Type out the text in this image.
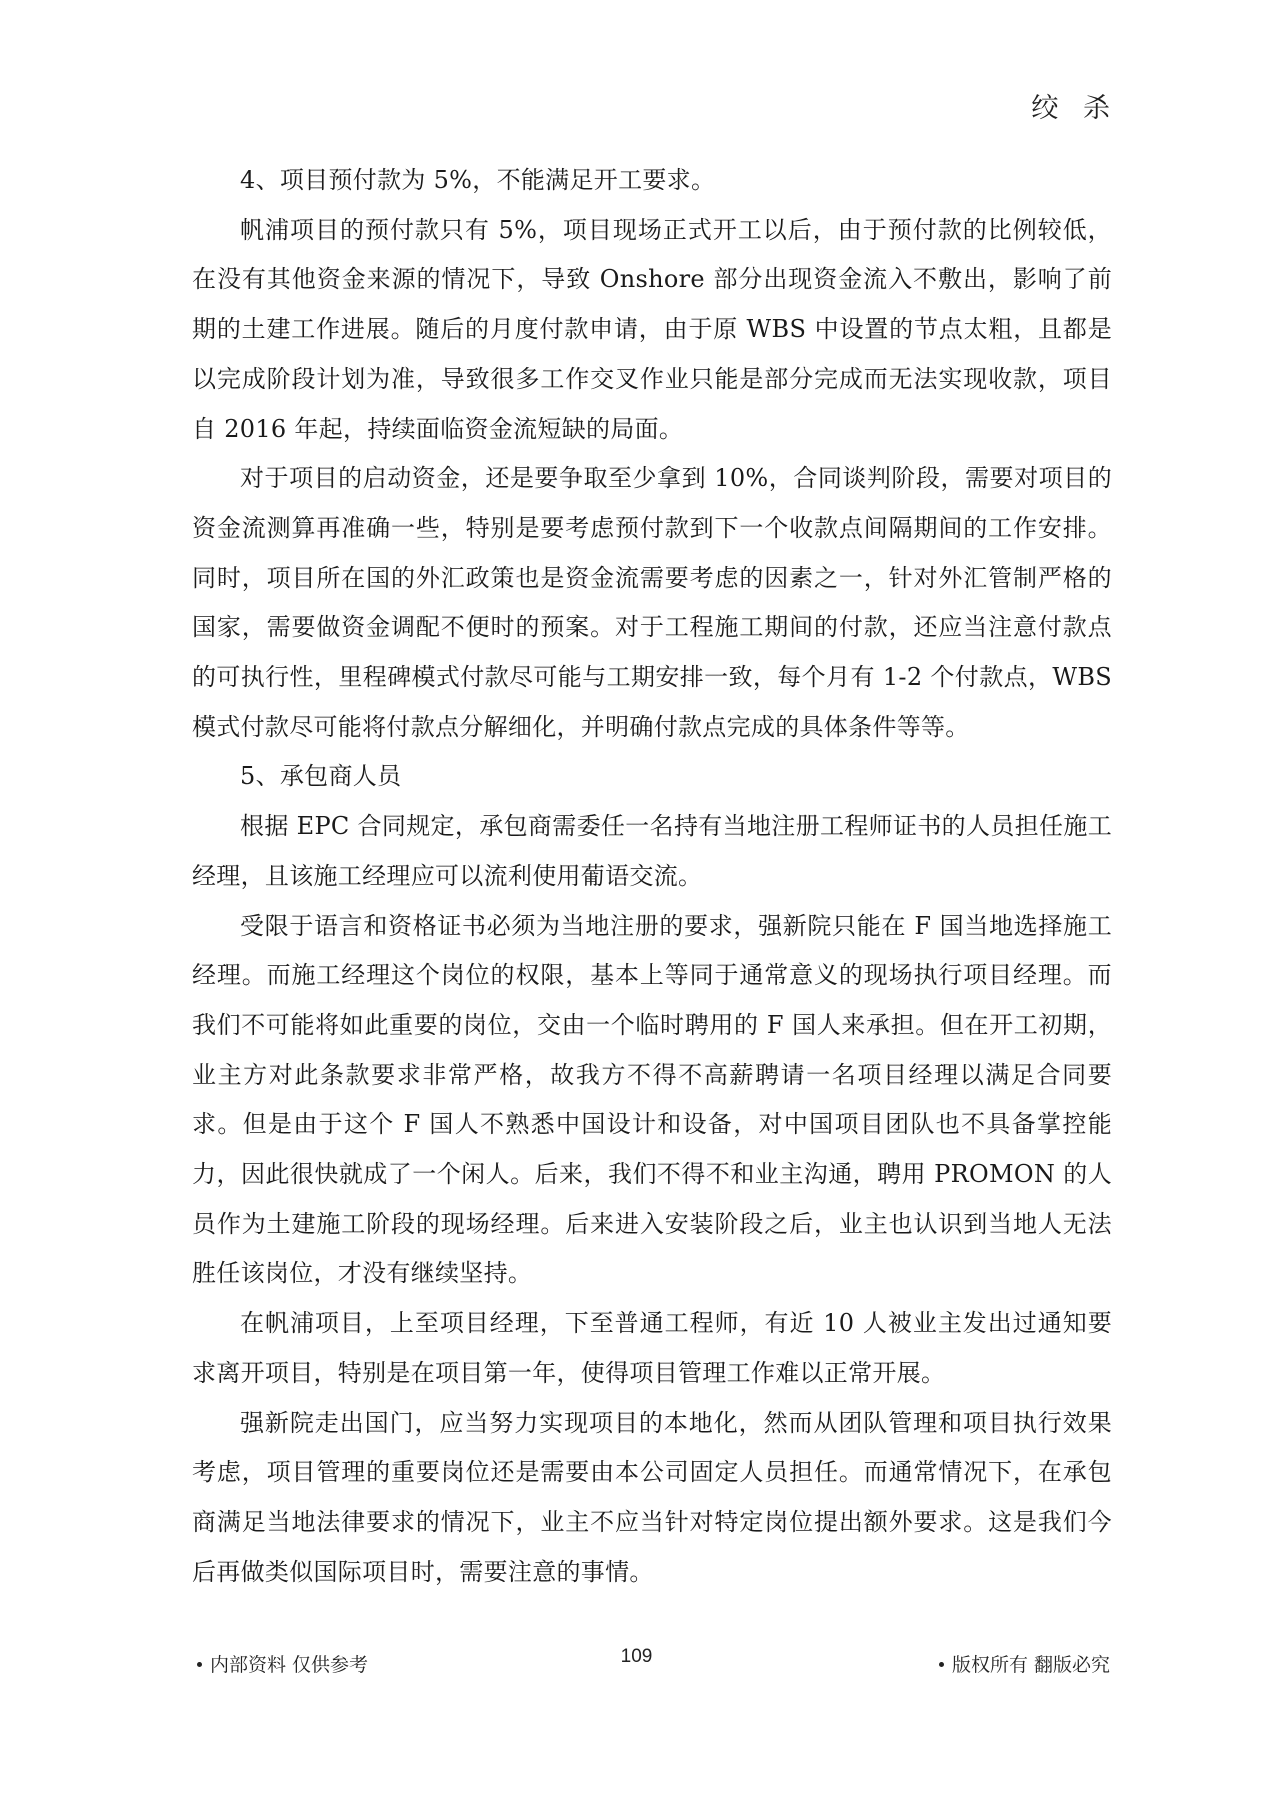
绞 杀

4、项目预付款为 5%，不能满足开工要求。

帆浦项目的预付款只有 5%，项目现场正式开工以后，由于预付款的比例较低，在没有其他资金来源的情况下，导致 Onshore 部分出现资金流入不敷出，影响了前期的土建工作进展。随后的月度付款申请，由于原 WBS 中设置的节点太粗，且都是以完成阶段计划为准，导致很多工作交叉作业只能是部分完成而无法实现收款，项目自 2016 年起，持续面临资金流短缺的局面。

对于项目的启动资金，还是要争取至少拿到 10%，合同谈判阶段，需要对项目的资金流测算再准确一些，特别是要考虑预付款到下一个收款点间隔期间的工作安排。同时，项目所在国的外汇政策也是资金流需要考虑的因素之一，针对外汇管制严格的国家，需要做资金调配不便时的预案。对于工程施工期间的付款，还应当注意付款点的可执行性，里程碑模式付款尽可能与工期安排一致，每个月有 1-2 个付款点，WBS 模式付款尽可能将付款点分解细化，并明确付款点完成的具体条件等等。

5、承包商人员

根据 EPC 合同规定，承包商需委任一名持有当地注册工程师证书的人员担任施工经理，且该施工经理应可以流利使用葡语交流。

受限于语言和资格证书必须为当地注册的要求，强新院只能在 F 国当地选择施工经理。而施工经理这个岗位的权限，基本上等同于通常意义的现场执行项目经理。而我们不可能将如此重要的岗位，交由一个临时聘用的 F 国人来承担。但在开工初期，业主方对此条款要求非常严格，故我方不得不高薪聘请一名项目经理以满足合同要求。但是由于这个 F 国人不熟悉中国设计和设备，对中国项目团队也不具备掌控能力，因此很快就成了一个闲人。后来，我们不得不和业主沟通，聘用 PROMON 的人员作为土建施工阶段的现场经理。后来进入安装阶段之后，业主也认识到当地人无法胜任该岗位，才没有继续坚持。

在帆浦项目，上至项目经理，下至普通工程师，有近 10 人被业主发出过通知要求离开项目，特别是在项目第一年，使得项目管理工作难以正常开展。

强新院走出国门，应当努力实现项目的本地化，然而从团队管理和项目执行效果考虑，项目管理的重要岗位还是需要由本公司固定人员担任。而通常情况下，在承包商满足当地法律要求的情况下，业主不应当针对特定岗位提出额外要求。这是我们今后再做类似国际项目时，需要注意的事情。

内部资料 仅供参考	109	版权所有 翻版必究
